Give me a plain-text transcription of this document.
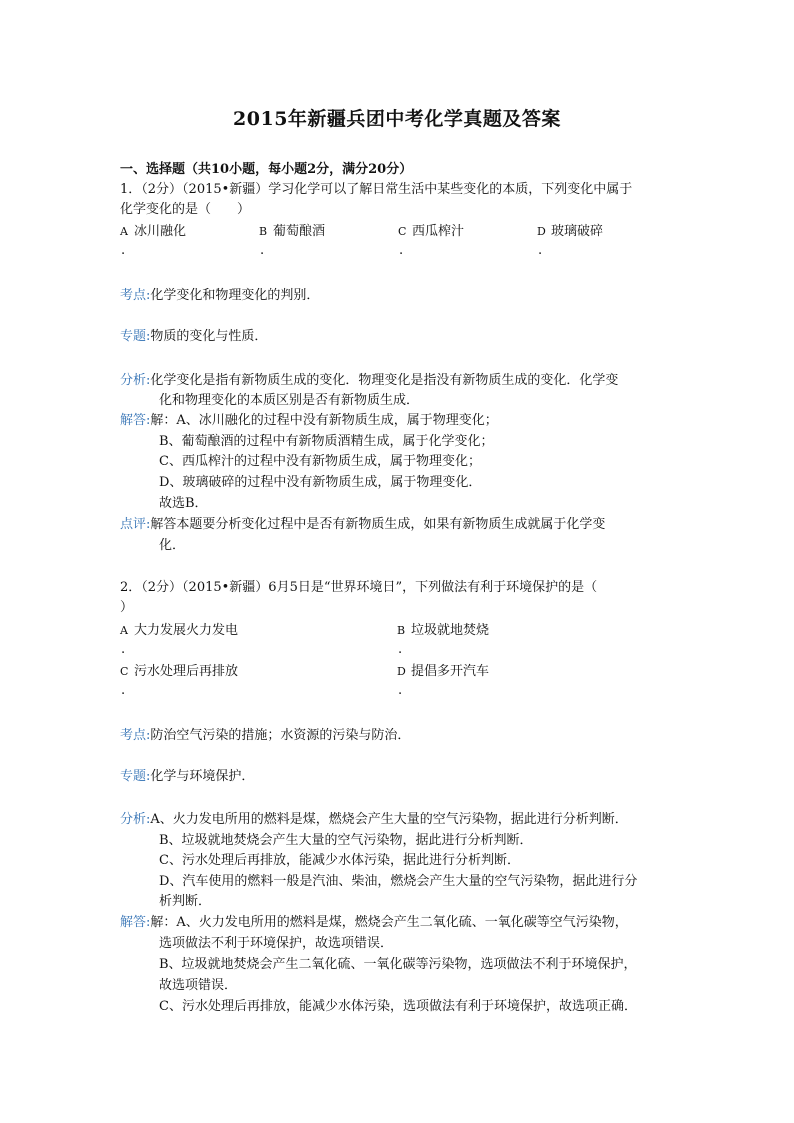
2015年新疆兵团中考化学真题及答案
一、选择题（共10小题，每小题2分，满分20分）
1．（2分）（2015•新疆）学习化学可以了解日常生活中某些变化的本质，下列变化中属于
化学变化的是（　　）
A 冰川融化	B 葡萄酿酒	C 西瓜榨汁	D 玻璃破碎
.	.	.	.
考点:化学变化和物理变化的判别．
专题:物质的变化与性质．
分析:化学变化是指有新物质生成的变化．物理变化是指没有新物质生成的变化．化学变
化和物理变化的本质区别是否有新物质生成．
解答:解：A、冰川融化的过程中没有新物质生成，属于物理变化；
B、葡萄酿酒的过程中有新物质酒精生成，属于化学变化；
C、西瓜榨汁的过程中没有新物质生成，属于物理变化；
D、玻璃破碎的过程中没有新物质生成，属于物理变化．
故选B．
点评:解答本题要分析变化过程中是否有新物质生成，如果有新物质生成就属于化学变
化．
2．（2分）（2015•新疆）6月5日是“世界环境日”，下列做法有利于环境保护的是（
）
A 大力发展火力发电	B 垃圾就地焚烧
.	.
C 污水处理后再排放	D 提倡多开汽车
.	.
考点:防治空气污染的措施；水资源的污染与防治．
专题:化学与环境保护．
分析:A、火力发电所用的燃料是煤，燃烧会产生大量的空气污染物，据此进行分析判断．
B、垃圾就地焚烧会产生大量的空气污染物，据此进行分析判断．
C、污水处理后再排放，能减少水体污染，据此进行分析判断．
D、汽车使用的燃料一般是汽油、柴油，燃烧会产生大量的空气污染物，据此进行分
析判断．
解答:解：A、火力发电所用的燃料是煤，燃烧会产生二氧化硫、一氧化碳等空气污染物，
选项做法不利于环境保护，故选项错误．
B、垃圾就地焚烧会产生二氧化硫、一氧化碳等污染物，选项做法不利于环境保护，
故选项错误．
C、污水处理后再排放，能减少水体污染，选项做法有利于环境保护，故选项正确．
